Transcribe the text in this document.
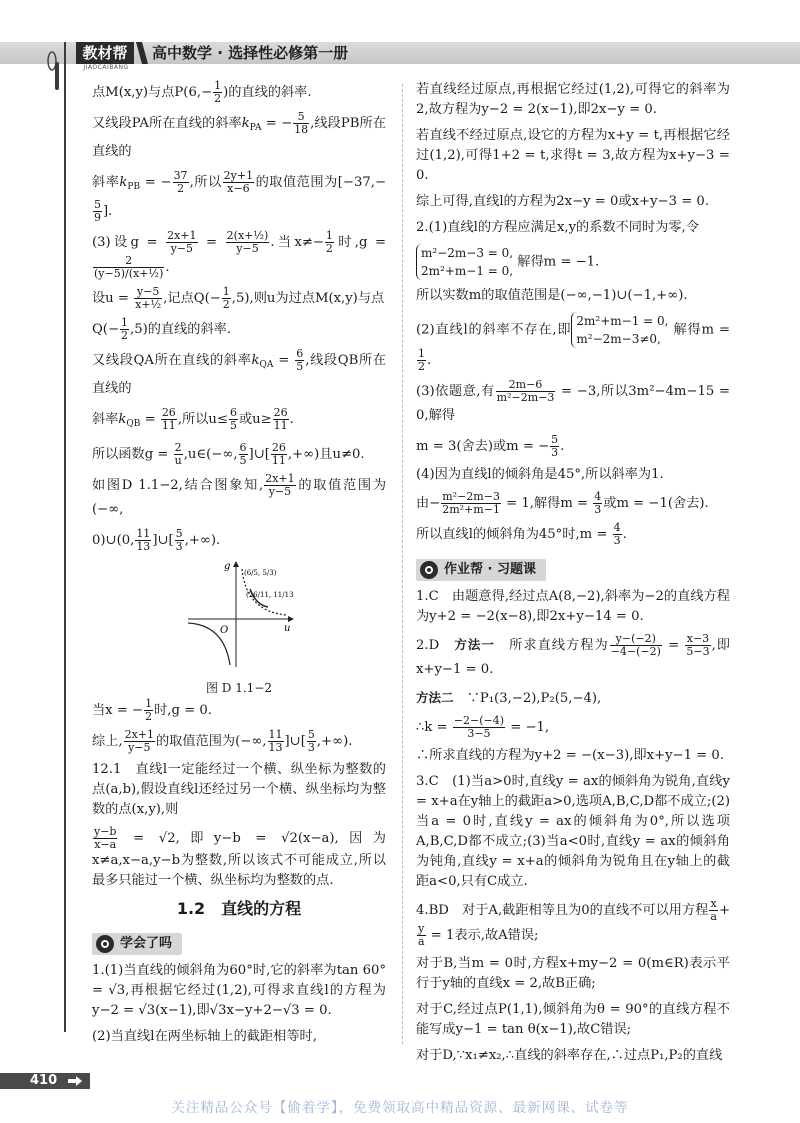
教材帮
JIAOCAIBANG
高中数学 · 选择性必修第一册
点M(x,y)与点$P(6,- \frac{1}{2}$ )的直线的斜率.
又线段PA所在直线的斜率$k_{PA}$ = − $\frac{5}{18}$ ,线段PB所在直线的
斜率$k_{PB}$ = − $\frac{37}{2}$ ,所以 $\frac{2y+1}{x-6}$ 的取值范围为[−37,−
$\frac{5}{9}$ ].
(3)设$g = \frac{2x+1}{y-5} = \frac{\text{2(x+½)}}{y-5}$ .当$x\ne- \frac{1}{2}$ 时,g =
$\frac{2}{\text{(y−5)/(x+½)}}$ .
设$u = \frac{y-5}{\text{x+½}}$ ,记点$Q(- \frac{1}{2} ,5)$,则u为过点M(x,y)与点
$Q(- \frac{1}{2} ,5)$的直线的斜率.
又线段QA所在直线的斜率$k_{QA} = \frac{6}{5}$ ,线段QB所在直线的
斜率$k_{QB} = \frac{26}{11}$ ,所以$u\le \frac{6}{5}$ 或$u\ge \frac{26}{11}$ .
所以函数$g = \frac{2}{u}$ ,u∈(−∞, $\frac{6}{5}$ ]∪[ $\frac{26}{11}$ ,+∞)且u≠0.
如图D 1.1−2,结合图象知, $\frac{2x+1}{y-5}$ 的取值范围为(−∞,
0)∪(0, $\frac{11}{13}$ ]∪[ $\frac{5}{3}$ ,+∞).
g
u
O
(6/5, 5/3)
(26/11, 11/13)
图 D 1.1−2
当x = − $\frac{1}{2}$ 时,g = 0.
综上, $\frac{2x+1}{y-5}$ 的取值范围为(−∞, $\frac{11}{13}$ ]∪[ $\frac{5}{3}$ ,+∞).
12.1　直线l一定能经过一个横、纵坐标为整数的点(a,b),假设直线l还经过另一个横、纵坐标均为整数的点(x,y),则
$\frac{y-b}{x-a} = √2$,即y−b = √2(x−a),因为x≠a,x−a,y−b为整数,所以该式不可能成立,所以最多只能过一个横、纵坐标均为整数的点.
1.2　直线的方程
学会了吗
1.(1)当直线的倾斜角为60°时,它的斜率为tan 60° = √3,再根据它经过(1,2),可得求直线l的方程为y−2 = √3(x−1),即√3x−y+2−√3 = 0.
(2)当直线l在两坐标轴上的截距相等时,
若直线经过原点,再根据它经过(1,2),可得它的斜率为2,故方程为y−2 = 2(x−1),即2x−y = 0.
若直线不经过原点,设它的方程为x+y = t,再根据它经过(1,2),可得1+2 = t,求得t = 3,故方程为x+y−3 = 0.
综上可得,直线l的方程为2x−y = 0或x+y−3 = 0.
2.(1)直线l的方程应满足x,y的系数不同时为零,令
m²−2m−3 = 0,
2m²+m−1 = 0,
解得m = −1.
所以实数m的取值范围是(−∞,−1)∪(−1,+∞).
(2)直线l的斜率不存在,即
2m²+m−1 = 0,
m²−2m−3≠0,
解得m =
$\frac{1}{2}$ .
(3)依题意,有 $\frac{2m-6}{\text{m²−2m−3}} = -3$,所以3m²−4m−15 = 0,解得
m = 3(舍去)或m = − $\frac{5}{3}$ .
(4)因为直线l的倾斜角是45°,所以斜率为1.
由− $\frac{\text{m²−2m−3}}{\text{2m²+m−1}} = 1$,解得$m = \frac{4}{3}$ 或m = −1(舍去).
所以直线l的倾斜角为45°时$,m = \frac{4}{3}$ .
作业帮 · 习题课
1.C　由题意得,经过点A(8,−2),斜率为−2的直线方程为y+2 = −2(x−8),即2x+y−14 = 0.
2.D　方法一　所求直线方程为 $\frac{y-(-2)}{-4-(-2)} = \frac{x-3}{5-3}$ ,即x+y−1 = 0.
方法二　∵P₁(3,−2),P₂(5,−4),
∴k = $\frac{-2-(-4)}{3-5} = -1$,
∴所求直线的方程为y+2 = −(x−3),即x+y−1 = 0.
3.C　(1)当a>0时,直线y = ax的倾斜角为锐角,直线y = x+a在y轴上的截距a>0,选项A,B,C,D都不成立;(2)当a = 0时,直线y = ax的倾斜角为0°,所以选项A,B,C,D都不成立;(3)当a<0时,直线y = ax的倾斜角为钝角,直线y = x+a的倾斜角为锐角且在y轴上的截距a<0,只有C成立.
4.BD　对于A,截距相等且为0的直线不可以用方程 $\frac{x}{a}$ +
$\frac{y}{a} = 1$表示,故A错误;
对于B,当m = 0时,方程x+my−2 = 0(m∈R)表示平行于y轴的直线x = 2,故B正确;
对于C,经过点P(1,1),倾斜角为θ = 90°的直线方程不能写成y−1 = tan θ(x−1),故C错误;
对于D,∵x₁≠x₂,∴直线的斜率存在,∴过点P₁,P₂的直线
410
关注精品公众号【偷着学】，免费领取高中精品资源、最新网课、试卷等
